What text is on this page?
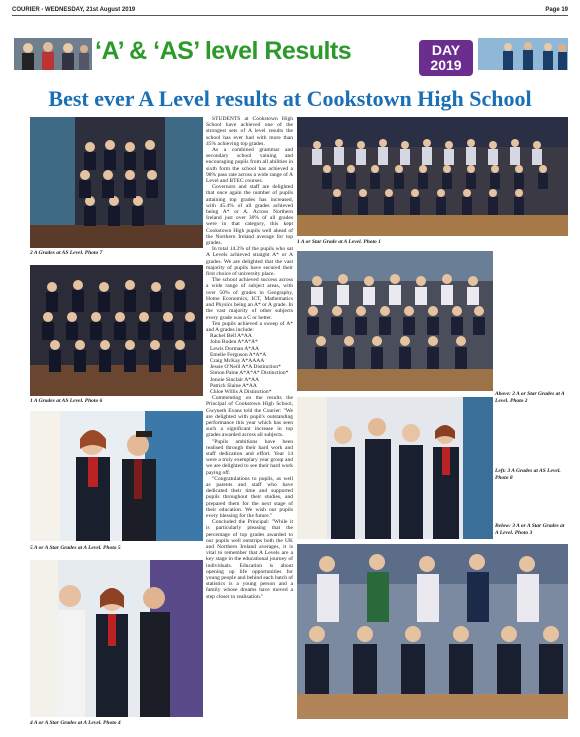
COURIER - WEDNESDAY, 21st August 2019	Page 19
‘A’ & ‘AS’ level Results	DAY
2019
Best ever A Level results at Cookstown High School
2 A Grades at AS Level. Photo 7
1 A Grades at AS Level. Photo 6
5 A or A Star Grades at A Level. Photo 5
4 A or A Star Grades at A Level. Photo 4

STUDENTS at Cookstown High School have achieved one of the strongest sets of A level results the school has ever had with more than 45% achieving top grades.

As a combined grammar and secondary school valuing and encouraging pupils from all abilities in sixth form the school has achieved a 98% pass rate across a wide range of A Level and BTEC courses.

Governors and staff are delighted that once again the number of pupils attaining top grades has increased, with 45.4% of all grades achieved being A* or A. Across Northern Ireland just over 30% of all grades were in that category, this kept Cookstown High pupils well ahead of the Northern Ireland average for top grades.

In total 14.2% of the pupils who sat A Levels achieved straight A* or A grades. We are delighted that the vast majority of pupils have secured their first choice of university place.

The school achieved success across a wide range of subject areas, with over 50% of grades in Geography, Home Economics, ICT, Mathematics and Physics being an A* or A grade. In the vast majority of other subjects every grade was a C or better.

Ten pupils achieved a sweep of A* and A grades include:

Rachel Bell A*AA

John Boden A*A*A*

Lewis Dorman A*AA

Emelie Ferguson A*A*A

Craig McKay A*AAAA

Jessie O'Neill A*A Distinction*

Simon Paine A*A*A* Distinction*

Jonnie Sinclair A*AA

Patrick Slaine A*AA

Chloe Willis A Distinction*

Commenting on the results the Principal of Cookstown High School, Gwyneth Evans told the Courier: "We are delighted with pupil's outstanding performance this year which has seen such a significant increase in top grades awarded across all subjects.

"Pupils ambitions have been realised through their hard work and staff dedication and effort. Year 14 were a truly exemplary year group and we are delighted to see their hard work paying off.

"Congratulations to pupils, as well as parents and staff who have dedicated their time and supported pupils throughout their studies, and prepared them for the next stage of their education. We wish our pupils every blessing for the future."

Concluded the Principal: "While it is particularly pleasing that the percentage of top grades awarded to our pupils well outstrips both the UK and Northern Ireland averages, it is vital to remember that A Levels are a key stage in the educational journey of individuals. Education is about opening up life opportunities for young people and behind each batch of statistics is a young person and a family whose dreams have moved a step closer to realisation."

1 A or Star Grade at A Level. Photo 1
Above: 2 A or Star Grades at A Level. Photo 2
Left: 3 A Grades at AS Level. Photo 8
Below: 3 A or A Star Grades at A Level. Photo 3
